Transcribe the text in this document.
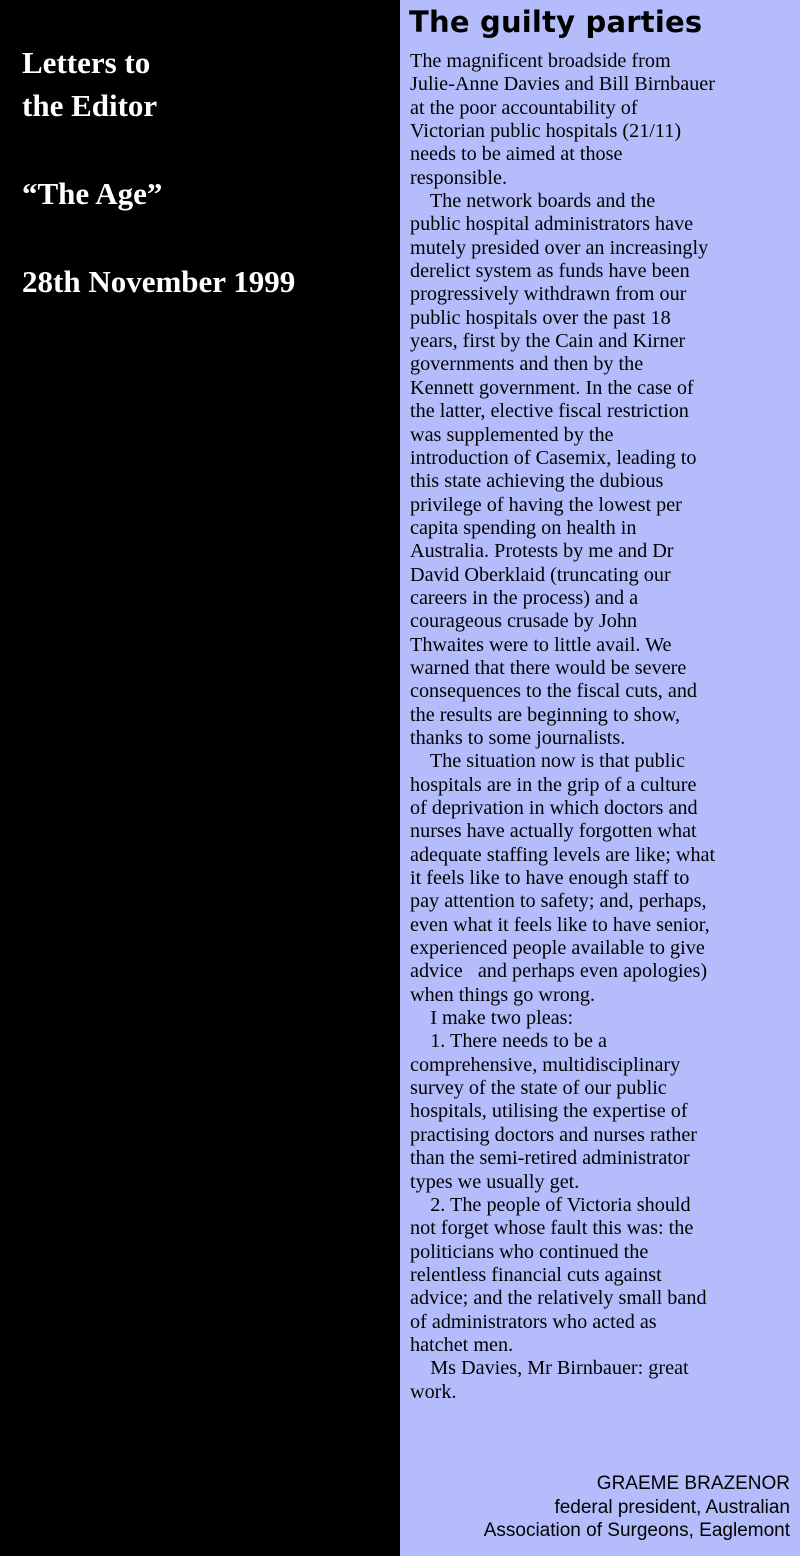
Letters to

the Editor

“The Age”

28th November 1999

The guilty parties
The magnificent broadside from
Julie-Anne Davies and Bill Birnbauer
at the poor accountability of
Victorian public hospitals (21/11)
needs to be aimed at those
responsible.
The network boards and the
public hospital administrators have
mutely presided over an increasingly
derelict system as funds have been
progressively withdrawn from our
public hospitals over the past 18
years, first by the Cain and Kirner
governments and then by the
Kennett government. In the case of
the latter, elective fiscal restriction
was supplemented by the
introduction of Casemix, leading to
this state achieving the dubious
privilege of having the lowest per
capita spending on health in
Australia. Protests by me and Dr
David Oberklaid (truncating our
careers in the process) and a
courageous crusade by John
Thwaites were to little avail. We
warned that there would be severe
consequences to the fiscal cuts, and
the results are beginning to show,
thanks to some journalists.
The situation now is that public
hospitals are in the grip of a culture
of deprivation in which doctors and
nurses have actually forgotten what
adequate staffing levels are like; what
it feels like to have enough staff to
pay attention to safety; and, perhaps,
even what it feels like to have senior,
experienced people available to give
advice   and perhaps even apologies)
when things go wrong.
I make two pleas:
1. There needs to be a
comprehensive, multidisciplinary
survey of the state of our public
hospitals, utilising the expertise of
practising doctors and nurses rather
than the semi-retired administrator
types we usually get.
2. The people of Victoria should
not forget whose fault this was: the
politicians who continued the
relentless financial cuts against
advice; and the relatively small band
of administrators who acted as
hatchet men.
Ms Davies, Mr Birnbauer: great
work.
GRAEME BRAZENOR
federal president, Australian
Association of Surgeons, Eaglemont
